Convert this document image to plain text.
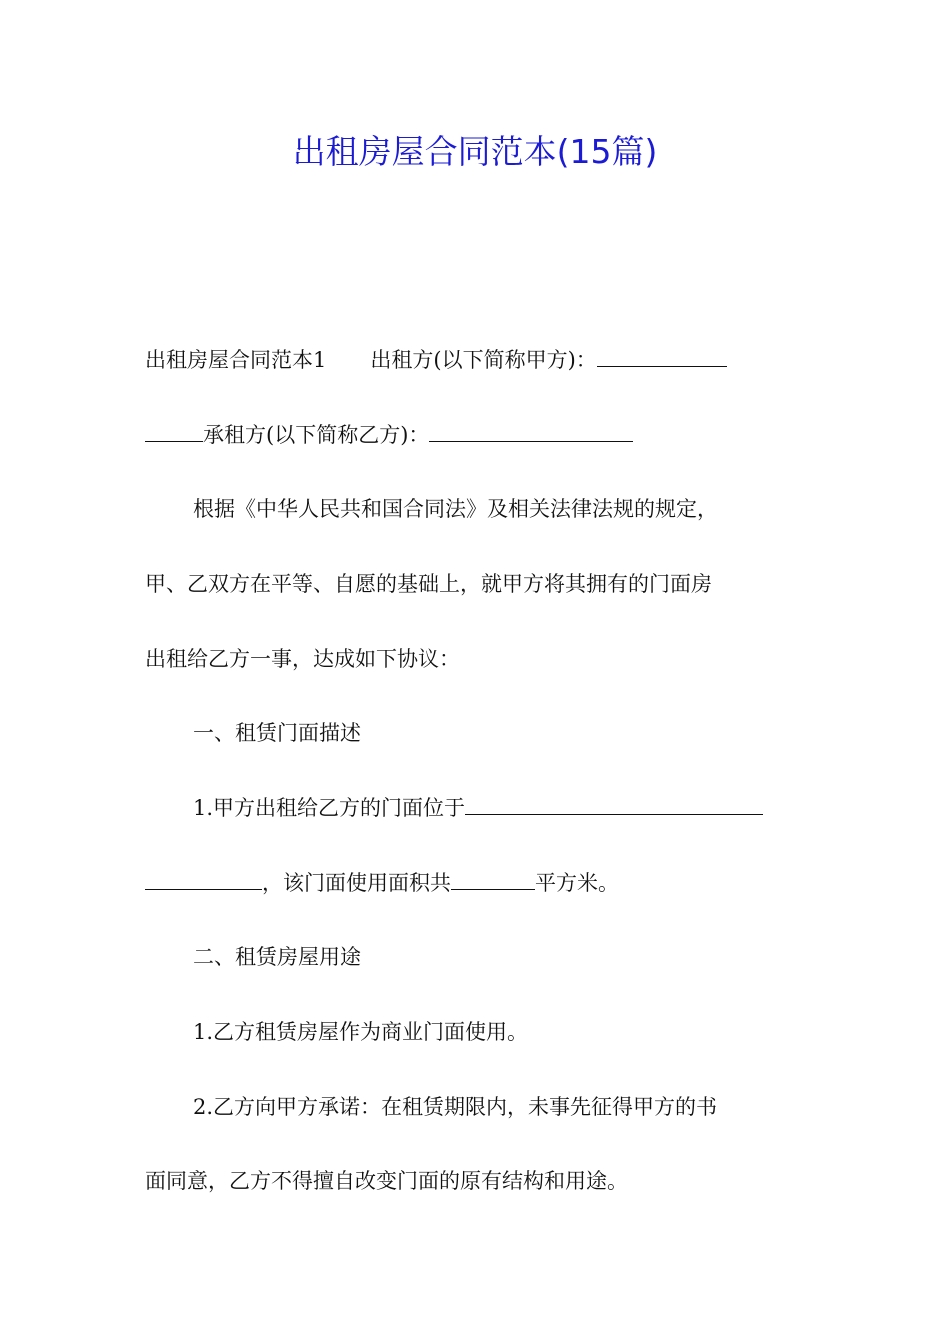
出租房屋合同范本(15篇)
出租房屋合同范本1 出租方(以下简称甲方)：
承租方(以下简称乙方)：
根据《中华人民共和国合同法》及相关法律法规的规定，
甲、乙双方在平等、自愿的基础上，就甲方将其拥有的门面房
出租给乙方一事，达成如下协议：
一、租赁门面描述
1.甲方出租给乙方的门面位于
，该门面使用面积共	平方米。
二、租赁房屋用途
1.乙方租赁房屋作为商业门面使用。
2.乙方向甲方承诺：在租赁期限内，未事先征得甲方的书
面同意，乙方不得擅自改变门面的原有结构和用途。
